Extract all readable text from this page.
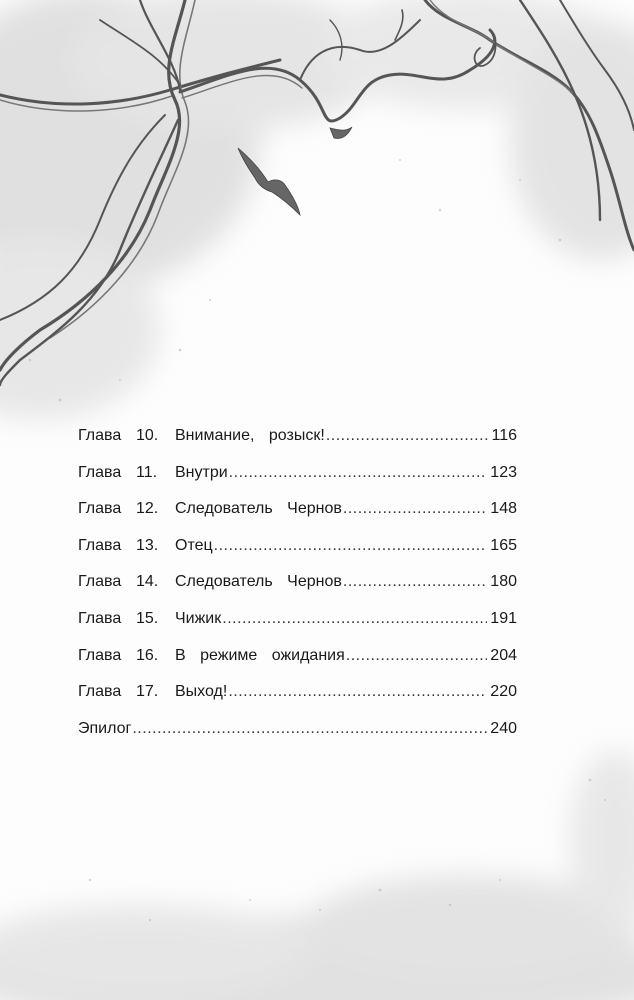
Глава 10.	Внимание, розыск! .....	116
Глава 11.	Внутри .....	123
Глава 12.	Следователь Чернов .....	148
Глава 13.	Отец .....	165
Глава 14.	Следователь Чернов .....	180
Глава 15.	Чижик .....	191
Глава 16.	В режиме ожидания .....	204
Глава 17.	Выход! .....	220
Эпилог .....	240
